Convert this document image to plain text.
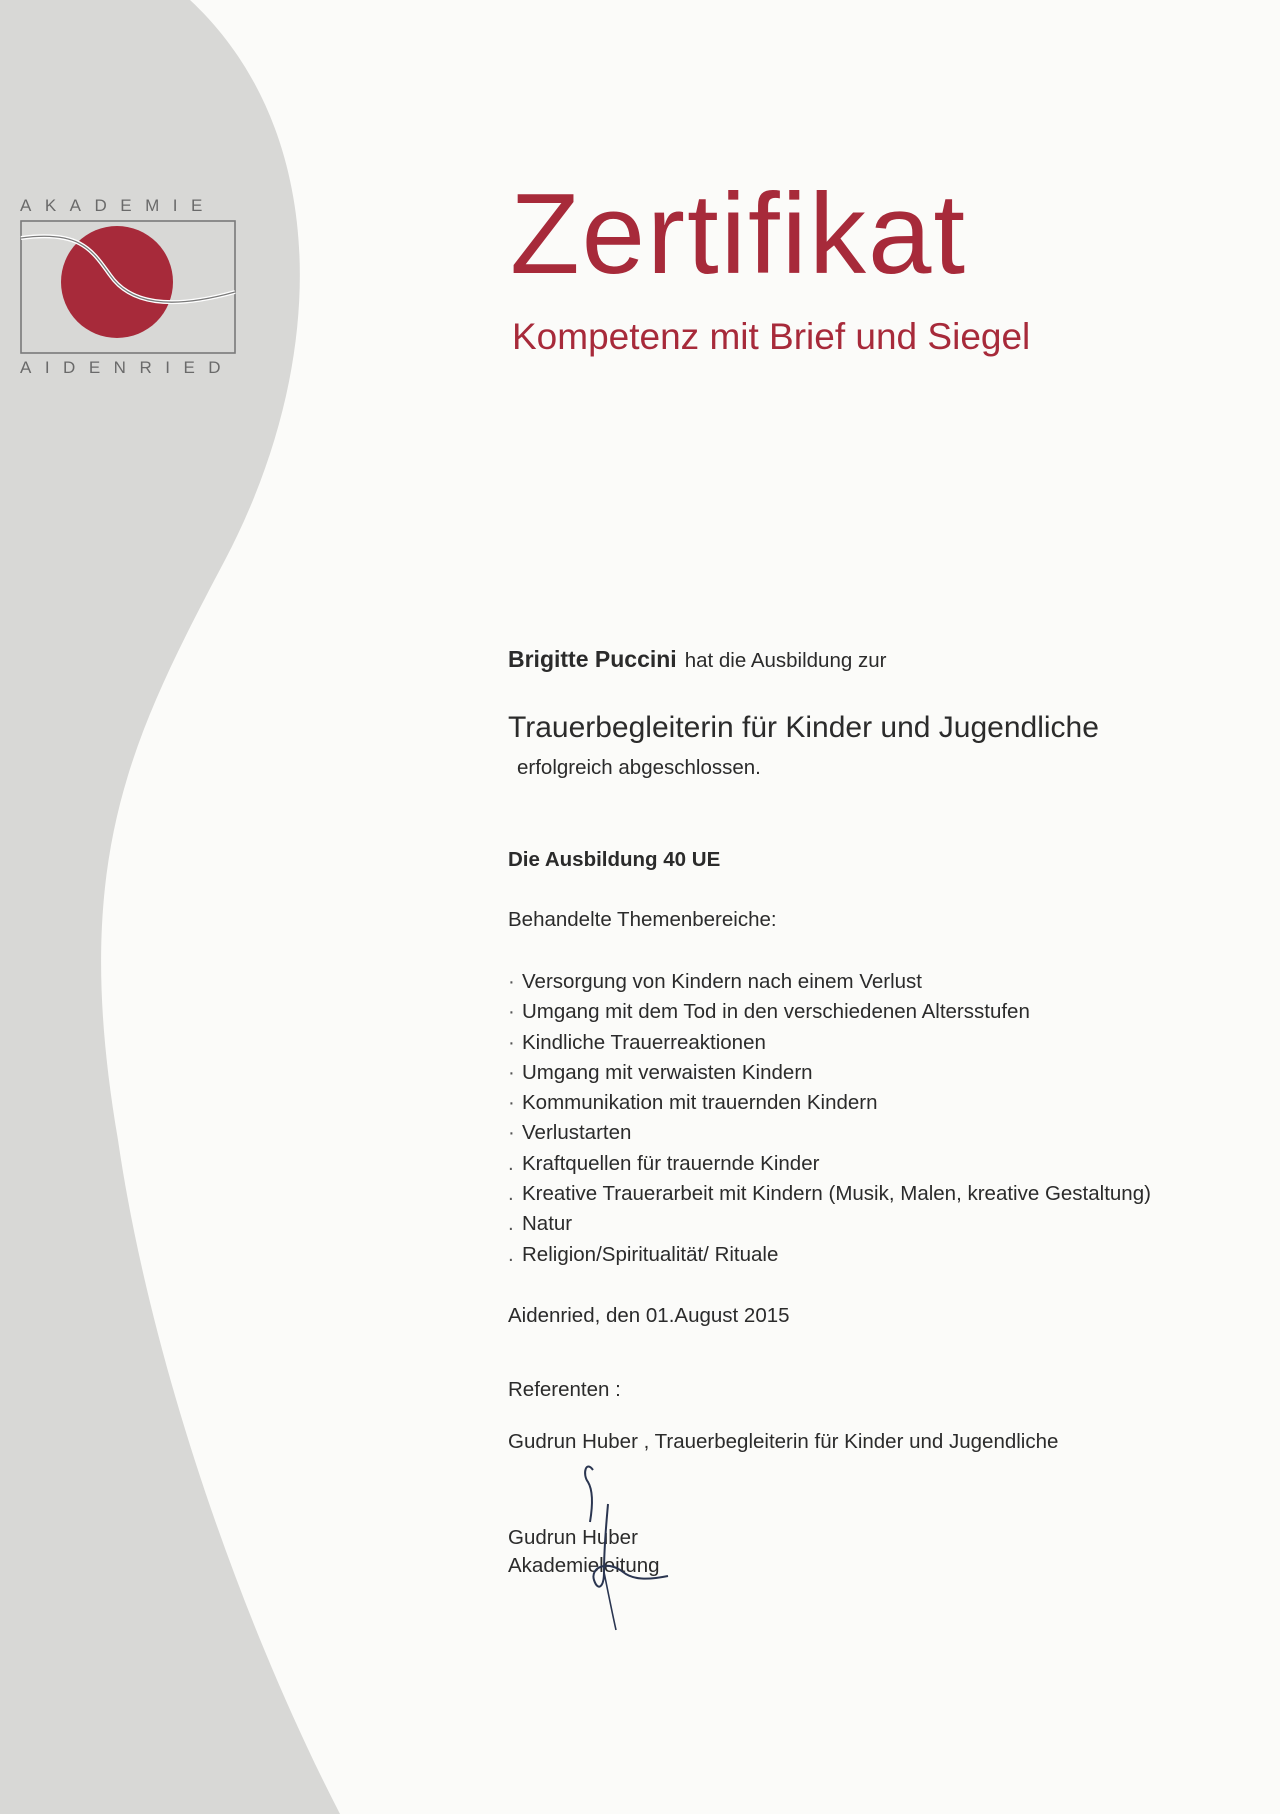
AKADEMIE
AIDENRIED
Zertifikat
Kompetenz mit Brief und Siegel
Brigitte Puccini hat die Ausbildung zur
Trauerbegleiterin für Kinder und Jugendliche
erfolgreich abgeschlossen.
Die Ausbildung 40 UE
Behandelte Themenbereiche:
· Versorgung von Kindern nach einem Verlust
· Umgang mit dem Tod in den verschiedenen Altersstufen
· Kindliche Trauerreaktionen
· Umgang mit verwaisten Kindern
· Kommunikation mit trauernden Kindern
· Verlustarten
. Kraftquellen für trauernde Kinder
. Kreative Trauerarbeit mit Kindern (Musik, Malen, kreative Gestaltung)
. Natur
. Religion/Spiritualität/ Rituale
Aidenried, den 01.August 2015
Referenten :
Gudrun Huber , Trauerbegleiterin für Kinder und Jugendliche
Gudrun Huber
Akademieleitung
